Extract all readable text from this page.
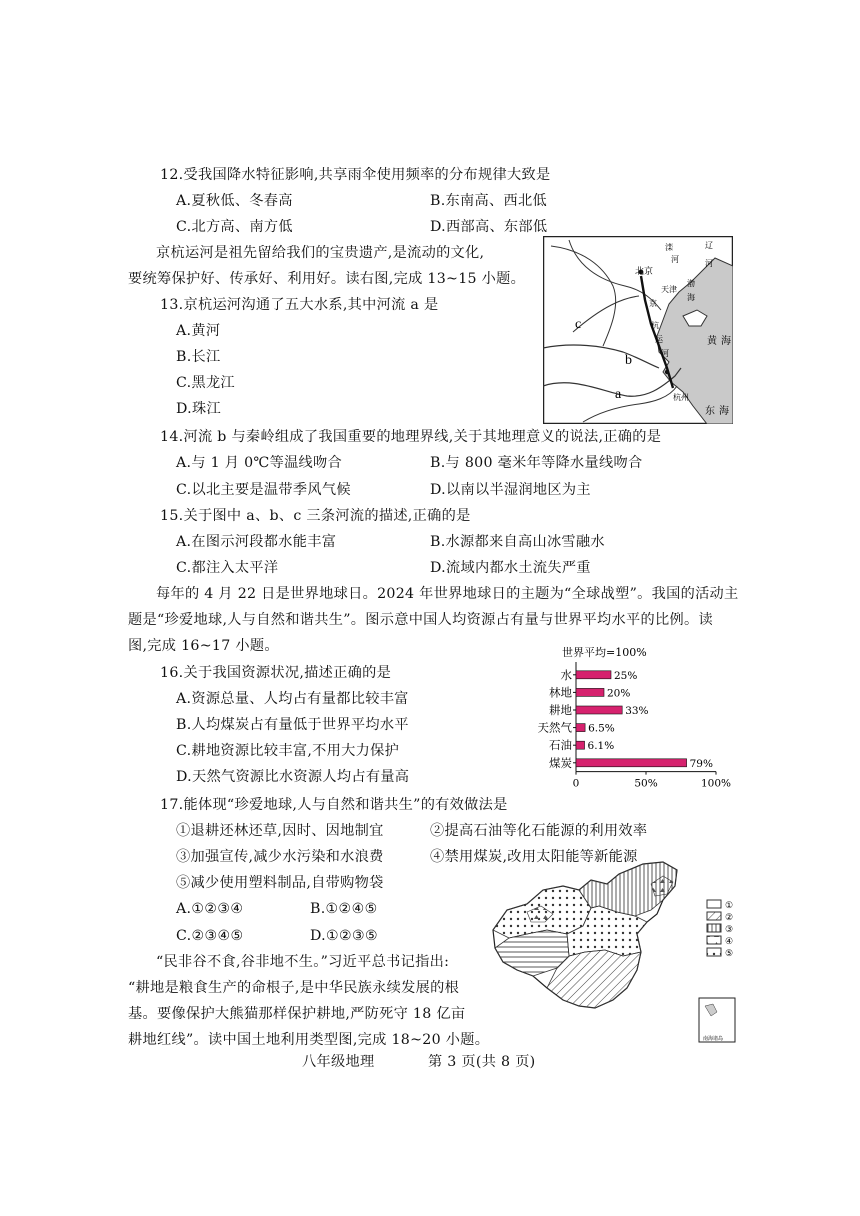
12.受我国降水特征影响,共享雨伞使用频率的分布规律大致是
A.夏秋低、冬春高	B.东南高、西北低
C.北方高、南方低	D.西部高、东部低
京杭运河是祖先留给我们的宝贵遗产,是流动的文化,
要统筹保护好、传承好、利用好。读右图,完成 13~15 小题。
13.京杭运河沟通了五大水系,其中河流 a 是
A.黄河
B.长江
C.黑龙江
D.珠江
北京
天津
京
杭
运
河
杭州
辽
河
渤
海
黄 海
东 海
滦
河
a
b
c
14.河流 b 与秦岭组成了我国重要的地理界线,关于其地理意义的说法,正确的是
A.与 1 月 0℃等温线吻合	B.与 800 毫米年等降水量线吻合
C.以北主要是温带季风气候	D.以南以半湿润地区为主
15.关于图中 a、b、c 三条河流的描述,正确的是
A.在图示河段都水能丰富	B.水源都来自高山冰雪融水
C.都注入太平洋	D.流域内都水土流失严重
每年的 4 月 22 日是世界地球日。2024 年世界地球日的主题为“全球战塑”。我国的活动主
题是“珍爱地球,人与自然和谐共生”。图示意中国人均资源占有量与世界平均水平的比例。读
图,完成 16~17 小题。
16.关于我国资源状况,描述正确的是
A.资源总量、人均占有量都比较丰富
B.人均煤炭占有量低于世界平均水平
C.耕地资源比较丰富,不用大力保护
D.天然气资源比水资源人均占有量高
世界平均=100%
水	25%
林地	20%
耕地	33%
天然气 6.5%
石油 6.1%
煤炭	79%
0	50%	100%
17.能体现“珍爱地球,人与自然和谐共生”的有效做法是
①退耕还林还草,因时、因地制宜	②提高石油等化石能源的利用效率
③加强宣传,减少水污染和水浪费	④禁用煤炭,改用太阳能等新能源
⑤减少使用塑料制品,自带购物袋
A.①②③④	B.①②④⑤
C.②③④⑤	D.①②③⑤
①
②
③
④
⑤
南海诸岛
“民非谷不食,谷非地不生。”习近平总书记指出:
“耕地是粮食生产的命根子,是中华民族永续发展的根
基。要像保护大熊猫那样保护耕地,严防死守 18 亿亩
耕地红线”。读中国土地利用类型图,完成 18~20 小题。
八年级地理	第 3 页(共 8 页)
